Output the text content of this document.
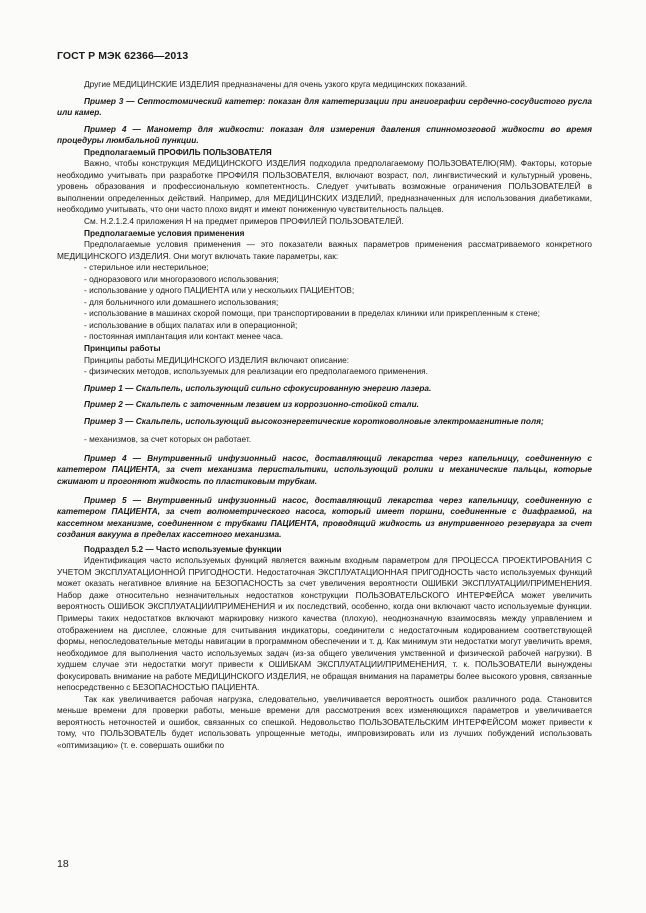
ГОСТ Р МЭК 62366—2013

Другие МЕДИЦИНСКИЕ ИЗДЕЛИЯ предназначены для очень узкого круга медицинских показаний.

Пример 3 — Септостомический катетер: показан для катетеризации при ангиографии сердечно-сосудистого русла или камер.

Пример 4 — Манометр для жидкости: показан для измерения давления спинномозговой жидкости во время процедуры люмбальной пункции.

Предполагаемый ПРОФИЛЬ ПОЛЬЗОВАТЕЛЯ

Важно, чтобы конструкция МЕДИЦИНСКОГО ИЗДЕЛИЯ подходила предполагаемому ПОЛЬЗОВАТЕЛЮ(ЯМ). Факторы, которые необходимо учитывать при разработке ПРОФИЛЯ ПОЛЬЗОВАТЕЛЯ, включают возраст, пол, лингвистический и культурный уровень, уровень образования и профессиональную компетентность. Следует учитывать возможные ограничения ПОЛЬЗОВАТЕЛЕЙ в выполнении определенных действий. Например, для МЕДИЦИНСКИХ ИЗДЕЛИЙ, предназначенных для использования диабетиками, необходимо учитывать, что они часто плохо видят и имеют пониженную чувствительность пальцев.

См. Н.2.1.2.4 приложения Н на предмет примеров ПРОФИЛЕЙ ПОЛЬЗОВАТЕЛЕЙ.

Предполагаемые условия применения

Предполагаемые условия применения — это показатели важных параметров применения рассматриваемого конкретного МЕДИЦИНСКОГО ИЗДЕЛИЯ. Они могут включать такие параметры, как:

- стерильное или нестерильное;

- одноразового или многоразового использования;

- использование у одного ПАЦИЕНТА или у нескольких ПАЦИЕНТОВ;

- для больничного или домашнего использования;

- использование в машинах скорой помощи, при транспортировании в пределах клиники или прикрепленным к стене;

- использование в общих палатах или в операционной;

- постоянная имплантация или контакт менее часа.

Принципы работы

Принципы работы МЕДИЦИНСКОГО ИЗДЕЛИЯ включают описание:

- физических методов, используемых для реализации его предполагаемого применения.

Пример 1 — Скальпель, использующий сильно сфокусированную энергию лазера.

Пример 2 — Скальпель с заточенным лезвием из коррозионно-стойкой стали.

Пример 3 — Скальпель, использующий высокоэнергетические коротковолновые электромагнитные поля;

- механизмов, за счет которых он работает.

Пример 4 — Внутривенный инфузионный насос, доставляющий лекарства через капельницу, соединенную с катетером ПАЦИЕНТА, за счет механизма перистальтики, использующий ролики и механические пальцы, которые сжимают и прогоняют жидкость по пластиковым трубкам.

Пример 5 — Внутривенный инфузионный насос, доставляющий лекарства через капельницу, соединенную с катетером ПАЦИЕНТА, за счет волюметрического насоса, который имеет поршни, соединенные с диафрагмой, на кассетном механизме, соединенном с трубками ПАЦИЕНТА, проводящий жидкость из внутривенного резервуара за счет создания вакуума в пределах кассетного механизма.

Подраздел 5.2 — Часто используемые функции

Идентификация часто используемых функций является важным входным параметром для ПРОЦЕССА ПРОЕКТИРОВАНИЯ С УЧЕТОМ ЭКСПЛУАТАЦИОННОЙ ПРИГОДНОСТИ. Недостаточная ЭКСПЛУАТАЦИОННАЯ ПРИГОДНОСТЬ часто используемых функций может оказать негативное влияние на БЕЗОПАСНОСТЬ за счет увеличения вероятности ОШИБКИ ЭКСПЛУАТАЦИИ/ПРИМЕНЕНИЯ. Набор даже относительно незначительных недостатков конструкции ПОЛЬЗОВАТЕЛЬСКОГО ИНТЕРФЕЙСА может увеличить вероятность ОШИБОК ЭКСПЛУАТАЦИИ/ПРИМЕНЕНИЯ и их последствий, особенно, когда они включают часто используемые функции. Примеры таких недостатков включают маркировку низкого качества (плохую), неоднозначную взаимосвязь между управлением и отображением на дисплее, сложные для считывания индикаторы, соединители с недостаточным кодированием соответствующей формы, непоследовательные методы навигации в программном обеспечении и т. д. Как минимум эти недостатки могут увеличить время, необходимое для выполнения часто используемых задач (из-за общего увеличения умственной и физической рабочей нагрузки). В худшем случае эти недостатки могут привести к ОШИБКАМ ЭКСПЛУАТАЦИИ/ПРИМЕНЕНИЯ, т. к. ПОЛЬЗОВАТЕЛИ вынуждены фокусировать внимание на работе МЕДИЦИНСКОГО ИЗДЕЛИЯ, не обращая внимания на параметры более высокого уровня, связанные непосредственно с БЕЗОПАСНОСТЬЮ ПАЦИЕНТА.

Так как увеличивается рабочая нагрузка, следовательно, увеличивается вероятность ошибок различного рода. Становится меньше времени для проверки работы, меньше времени для рассмотрения всех изменяющихся параметров и увеличивается вероятность неточностей и ошибок, связанных со спешкой. Недовольство ПОЛЬЗОВАТЕЛЬСКИМ ИНТЕРФЕЙСОМ может привести к тому, что ПОЛЬЗОВАТЕЛЬ будет использовать упрощенные методы, импровизировать или из лучших побуждений использовать «оптимизацию» (т. е. совершать ошибки по

18
